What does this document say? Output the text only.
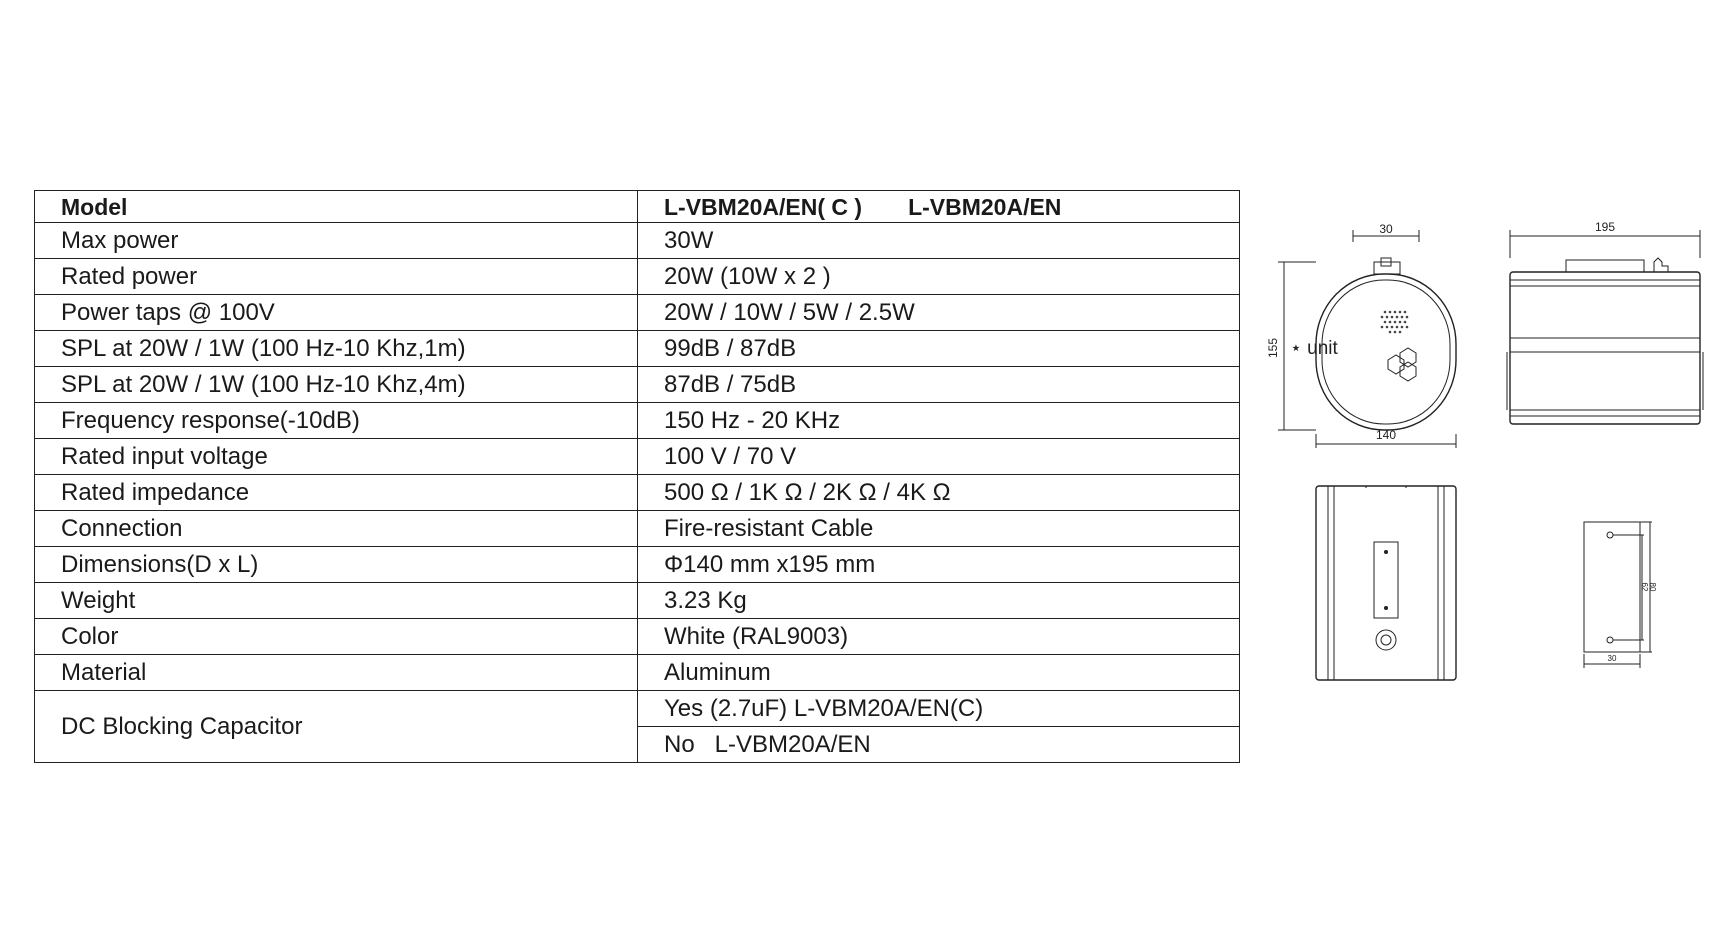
Model	L-VBM20A/EN( C ) L-VBM20A/EN
Max power	30W
Rated power	20W (10W x 2 )
Power taps @ 100V	20W / 10W / 5W / 2.5W
SPL at 20W / 1W (100 Hz-10 Khz,1m)	99dB / 87dB
SPL at 20W / 1W (100 Hz-10 Khz,4m)	87dB / 75dB
Frequency response(-10dB)	150 Hz - 20 KHz
Rated input voltage	100 V / 70 V
Rated impedance	500 Ω / 1K Ω / 2K Ω / 4K Ω
Connection	Fire-resistant Cable
Dimensions(D x L)	Φ140 mm x195 mm
Weight	3.23 Kg
Color	White (RAL9003)
Material	Aluminum
DC Blocking Capacitor	Yes (2.7uF) L-VBM20A/EN(C)
	No   L-VBM20A/EN
30
155 ⋆ unit
140
195
62 80
30
